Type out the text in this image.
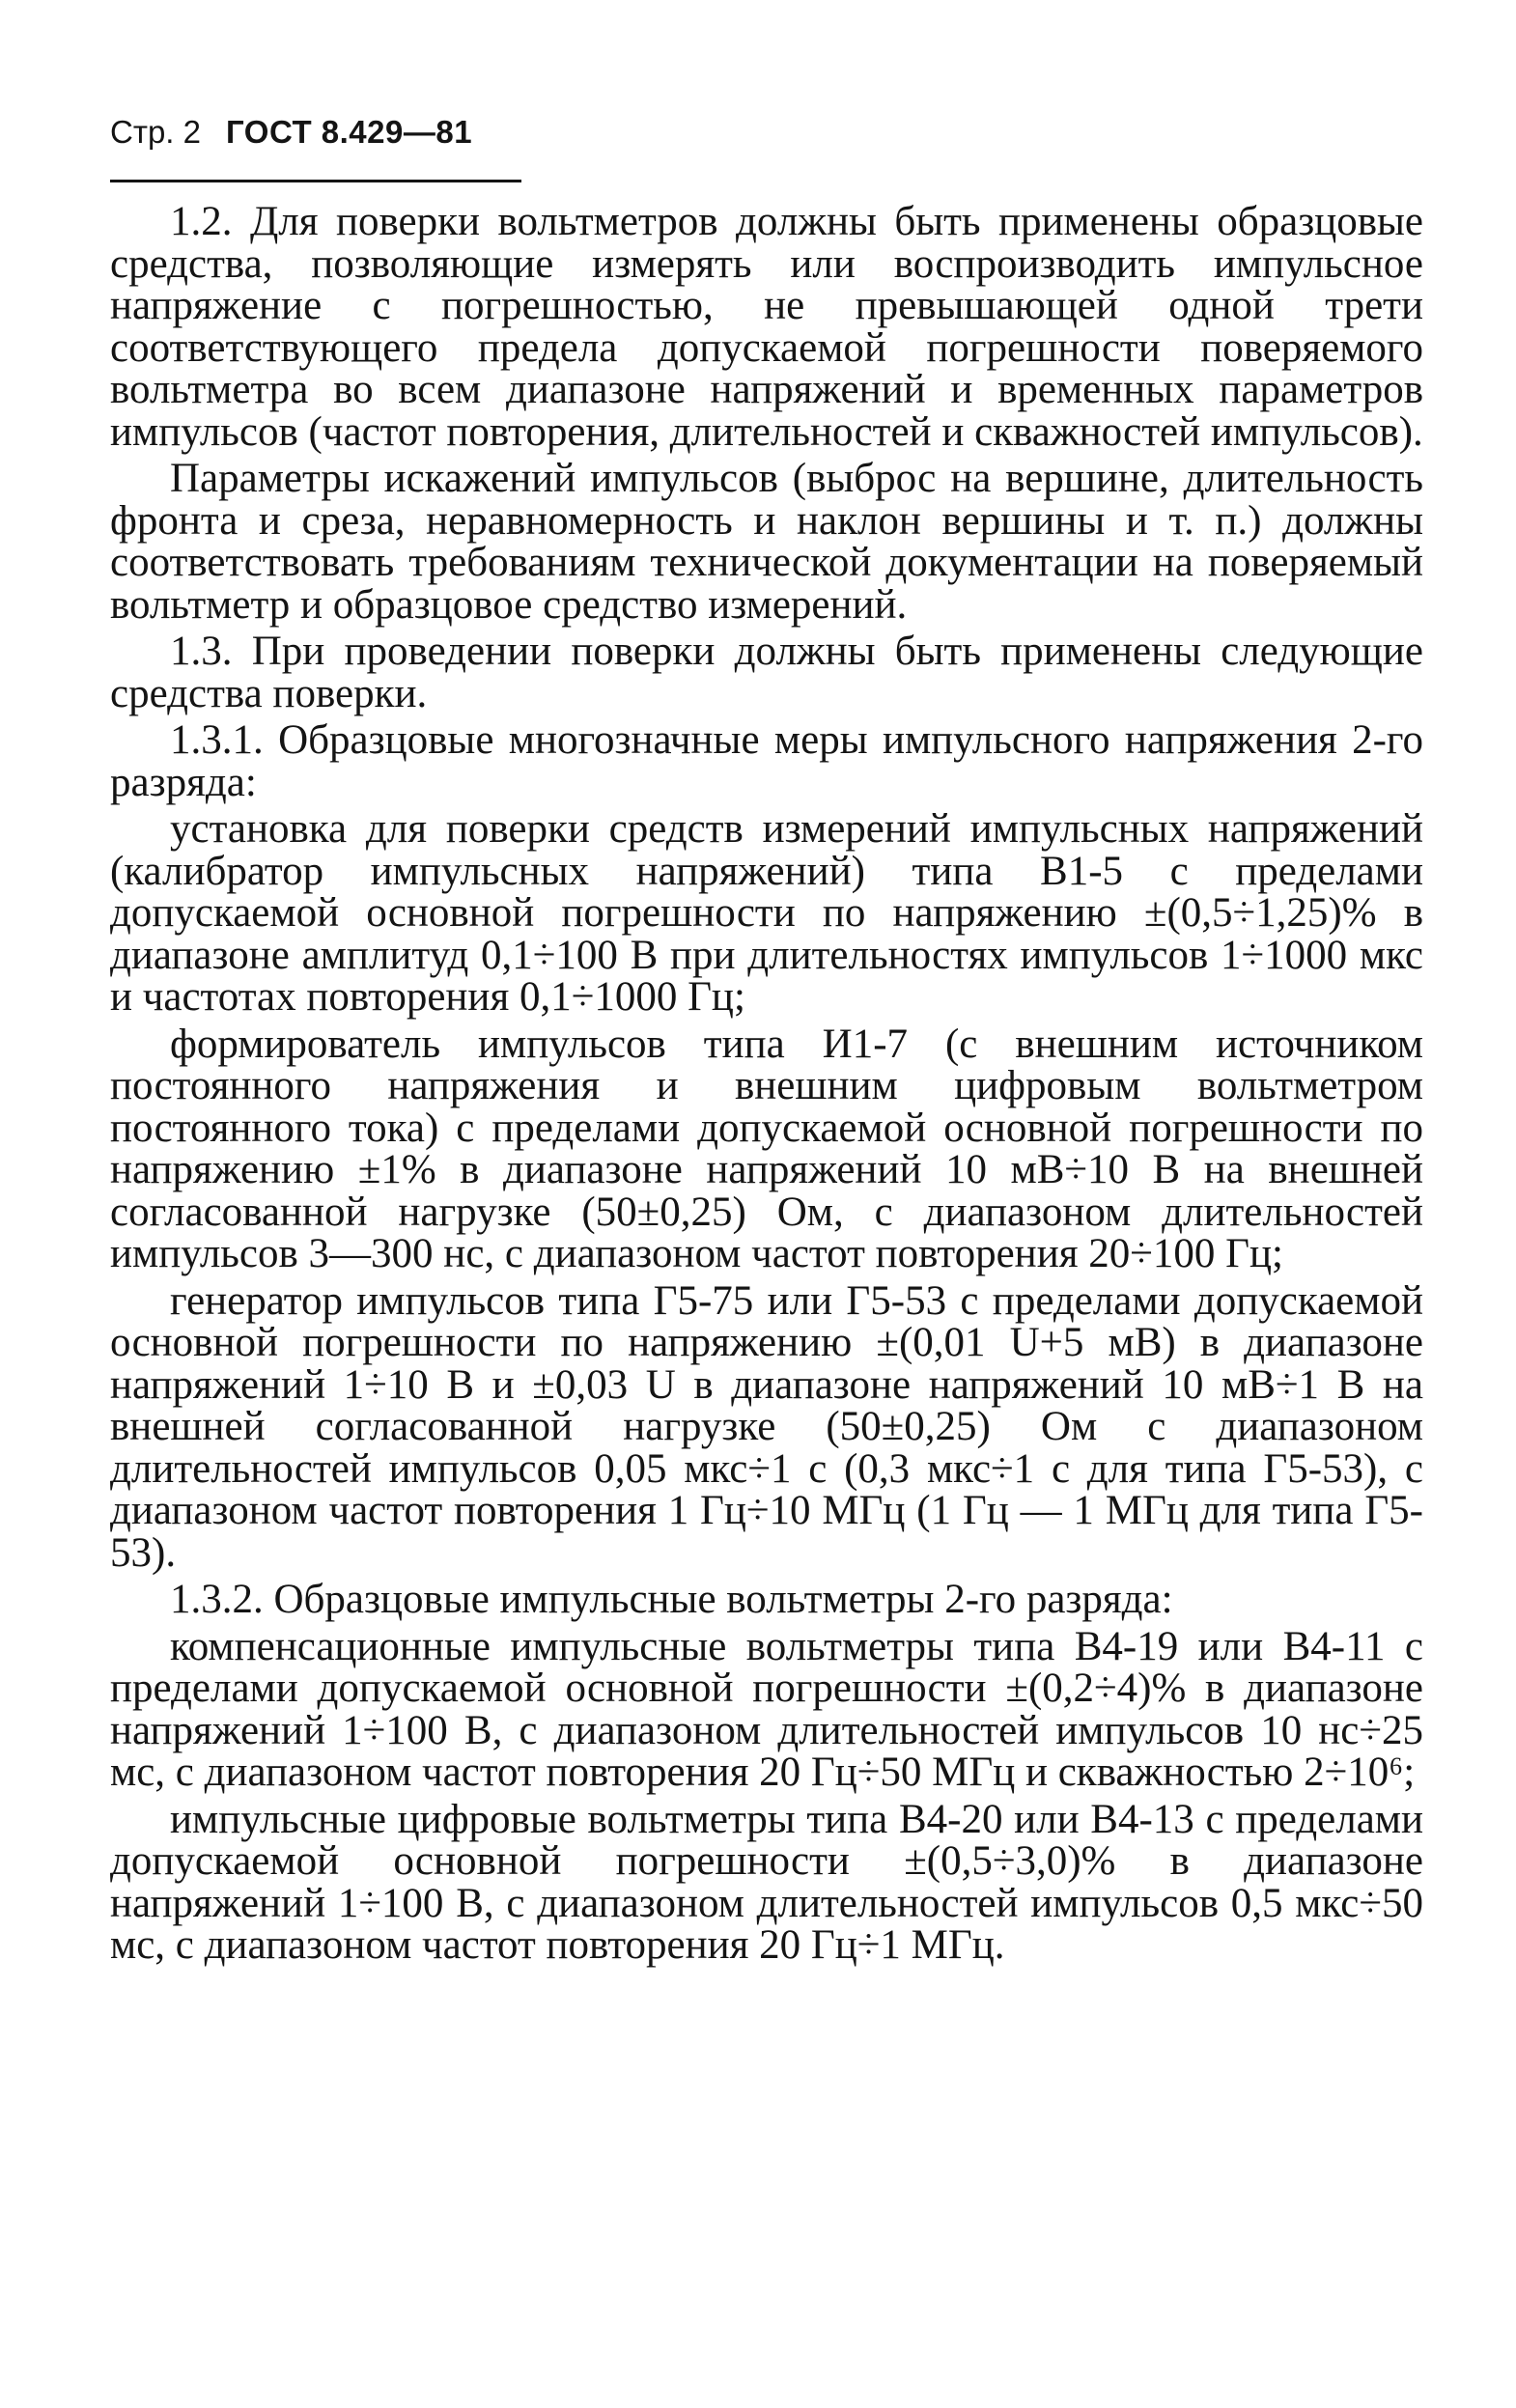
Стр. 2 ГОСТ 8.429—81

1.2. Для поверки вольтметров должны быть применены образцовые средства, позволяющие измерять или воспроизводить импульсное напряжение с погрешностью, не превышающей одной трети соответствующего предела допускаемой погрешности поверяемого вольтметра во всем диапазоне напряжений и временных параметров импульсов (частот повторения, длительностей и скважностей импульсов).

Параметры искажений импульсов (выброс на вершине, длительность фронта и среза, неравномерность и наклон вершины и т. п.) должны соответствовать требованиям технической документации на поверяемый вольтметр и образцовое средство измерений.

1.3. При проведении поверки должны быть применены следующие средства поверки.

1.3.1. Образцовые многозначные меры импульсного напряжения 2-го разряда:

установка для поверки средств измерений импульсных напряжений (калибратор импульсных напряжений) типа В1-5 с пределами допускаемой основной погрешности по напряжению ±(0,5÷1,25)% в диапазоне амплитуд 0,1÷100 В при длительностях импульсов 1÷1000 мкс и частотах повторения 0,1÷1000 Гц;

формирователь импульсов типа И1-7 (с внешним источником постоянного напряжения и внешним цифровым вольтметром постоянного тока) с пределами допускаемой основной погрешности по напряжению ±1% в диапазоне напряжений 10 мВ÷10 В на внешней согласованной нагрузке (50±0,25) Ом, с диапазоном длительностей импульсов 3—300 нс, с диапазоном частот повторения 20÷100 Гц;

генератор импульсов типа Г5-75 или Г5-53 с пределами допускаемой основной погрешности по напряжению ±(0,01 U+5 мВ) в диапазоне напряжений 1÷10 В и ±0,03 U в диапазоне напряжений 10 мВ÷1 В на внешней согласованной нагрузке (50±0,25) Ом с диапазоном длительностей импульсов 0,05 мкс÷1 с (0,3 мкс÷1 с для типа Г5-53), с диапазоном частот повторения 1 Гц÷10 МГц (1 Гц — 1 МГц для типа Г5-53).

1.3.2. Образцовые импульсные вольтметры 2-го разряда:

компенсационные импульсные вольтметры типа В4-19 или В4-11 с пределами допускаемой основной погрешности ±(0,2÷4)% в диапазоне напряжений 1÷100 В, с диапазоном длительностей импульсов 10 нс÷25 мс, с диапазоном частот повторения 20 Гц÷50 МГц и скважностью 2÷10⁶;

импульсные цифровые вольтметры типа В4-20 или В4-13 с пределами допускаемой основной погрешности ±(0,5÷3,0)% в диапазоне напряжений 1÷100 В, с диапазоном длительностей импульсов 0,5 мкс÷50 мс, с диапазоном частот повторения 20 Гц÷1 МГц.
